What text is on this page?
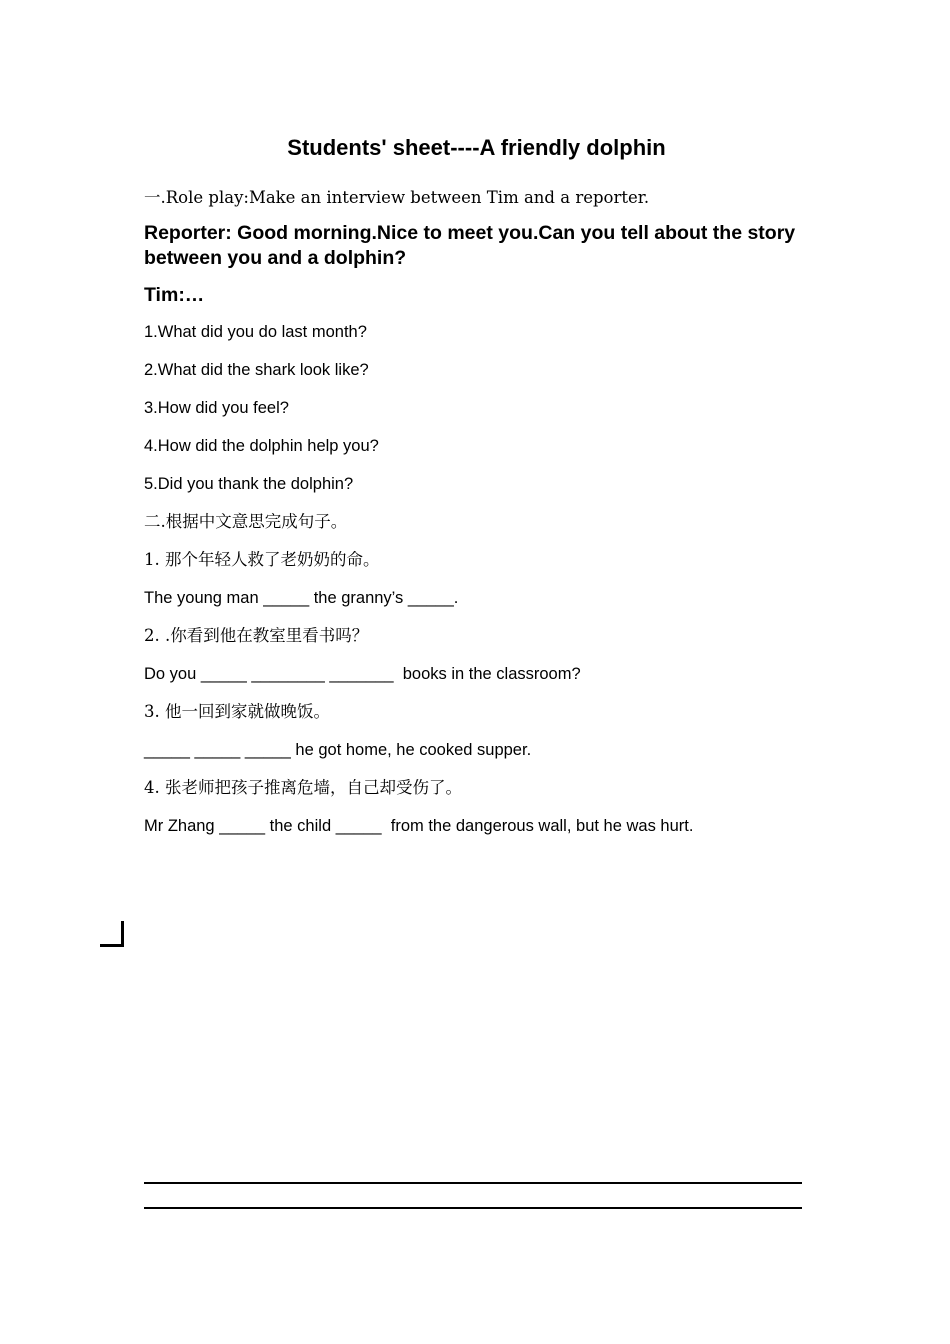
Students' sheet----A friendly dolphin
一.Role play:Make an interview between Tim and a reporter.
Reporter: Good morning.Nice to meet you.Can you tell about the story between you and a dolphin?
Tim:…
1.What did you do last month?
2.What did the shark look like?
3.How did you feel?
4.How did the dolphin help you?
5.Did you thank the dolphin?
二.根据中文意思完成句子。
1. 那个年轻人救了老奶奶的命。
The young man _____ the granny’s _____.
2. .你看到他在教室里看书吗？
Do you _____ ________ _______  books in the classroom?
3. 他一回到家就做晚饭。
_____ _____ _____ he got home, he cooked supper.
4. 张老师把孩子推离危墙，自己却受伤了。
Mr Zhang _____ the child _____  from the dangerous wall, but he was hurt.
